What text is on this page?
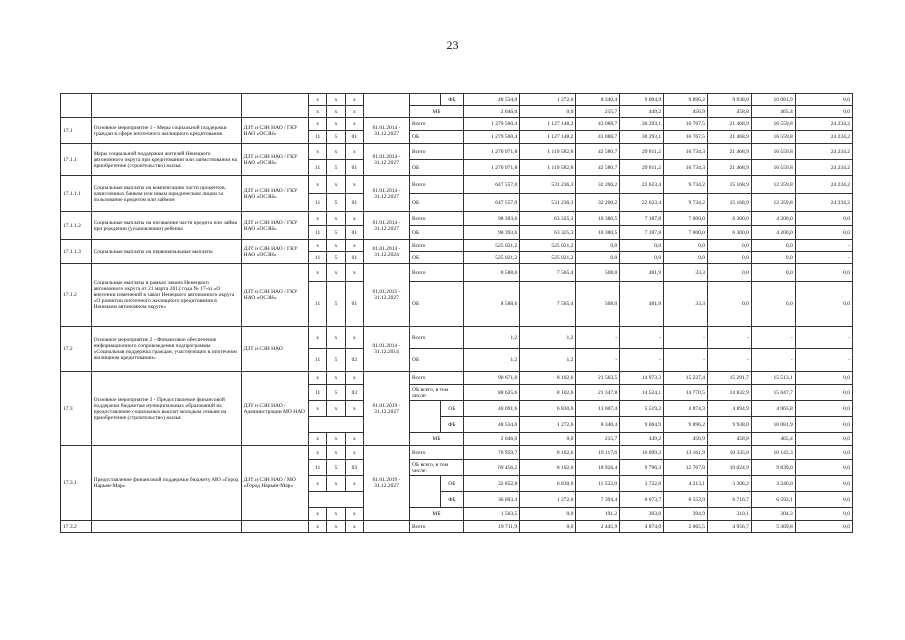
23
			x	x	x			ФБ	48 534,0	1 272,6	8 340,4	9 004,9	9 896,2	9 938,0	10 081,9	0,0
			x	x	x		МБ		2 046,0	0,0	215,7	449,2	456,9	458,8	465,4	0,0
17.1	Основное мероприятие 1 - Меры социальной поддержки граждан в сфере ипотечного жилищного кредитования	ДЗТ и СЗН НАО / ГКУ НАО «ОСЗН»	x	x	x	01.01.2014 - 31.12.2027	Всего		1 279 560,4	1 127 148,2	43 088,7	30 293,1	16 767,5	21 468,9	16 559,8	24 234,2
			11	5	01		ОБ		1 279 560,4	1 127 148,2	43 088,7	30 293,1	16 767,5	21 468,9	16 559,8	24 234,2
17.1.1	Меры социальной поддержки жителей Ненецкого автономного округа при кредитовании или заимствовании на приобретение (строительство) жилья	ДЗТ и СЗН НАО / ГКУ НАО «ОСЗН»	x	x	x	01.01.2014 - 31.12.2027	Всего		1 270 971,8	1 119 582,8	42 580,7	29 811,2	16 734,3	21 468,9	16 559,8	24 234,2
			11	5	01		ОБ		1 270 971,8	1 119 582,8	42 580,7	29 811,2	16 734,3	21 468,9	16 559,8	24 234,2
17.1.1.1	Социальные выплаты на компенсацию части процентов, начисленных банком или иным юридическим лицом за пользование кредитом или займом	ДЗТ и СЗН НАО / ГКУ НАО «ОСЗН»	x	x	x	01.01.2014 - 31.12.2027	Всего		647 557,0	531 236,3	32 200,2	22 623,4	9 734,2	15 168,9	12 359,8	24 234,2
			11	5	01		ОБ		647 557,0	531 236,3	32 200,2	22 623,4	9 734,2	15 168,9	12 359,8	24 234,2
17.1.1.2	Социальные выплаты на погашение части кредита или займа при рождении (усыновлении) ребенка	ДЗТ и СЗН НАО / ГКУ НАО «ОСЗН»	x	x	x	01.01.2014 - 31.12.2027	Всего		98 393,6	63 325,3	10 380,5	7 187,8	7 000,0	6 300,0	4 200,0	0,0
			11	5	01		ОБ		98 393,6	63 325,3	10 380,5	7 187,8	7 000,0	6 300,0	4 200,0	0,0
17.1.1.3	Социальные выплаты на первоначальные выплаты	ДЗТ и СЗН НАО / ГКУ НАО «ОСЗН»	x	x	x	01.01.2014 - 31.12.2024	Всего		525 021,2	525 021,2	0,0	0,0	0,0	0,0	0,0	-
			11	5	01		ОБ		525 021,2	525 021,2	0,0	0,0	0,0	0,0	0,0	-
17.1.2	Социальные выплаты в рамках закона Ненецкого автономного округа от 21 марта 2012 года № 17-оз «О внесении изменений в закон Ненецкого автономного округа «О развитии ипотечного жилищного кредитования в Ненецком автономном округе»	ДЗТ и СЗН НАО / ГКУ НАО «ОСЗН»	x	x	x	01.01.2015 - 31.12.2027	Всего		8 588,6	7 565,4	508,0	481,9	33,3	0,0	0,0	0,0
			11	5	01		ОБ		8 588,6	7 565,4	508,0	481,9	33,3	0,0	0,0	0,0
17.2	Основное мероприятие 2 - Финансовое обеспечение информационного сопровождения подпрограммы «Социальная поддержка граждан, участвующих в ипотечном жилищном кредитовании»	ДЗТ и СЗН НАО	x	x	x	01.01.2014 - 31.12.2014	Всего		1,2	1,2	-	-	-	-	-	-
			11	5	02		ОБ		1,2	1,2	-	-	-	-	-	-
17.3	Основное мероприятие 3 - Предоставление финансовой поддержки бюджетам муниципальных образований на предоставление социальных выплат молодым семьям на приобретение (строительство) жилья	ДЗТ и СЗН НАО / Администрации МО НАО	x	x	x	01.01.2019 - 31.12.2027	Всего		90 671,6	8 102,6	21 563,5	14 973,3	15 227,4	15 291,7	15 513,1	0,0
			11	5	03		ОБ всего, в том числе:		88 625,6	8 102,6	21 347,8	14 524,1	14 770,5	14 832,9	15 047,7	0,0
			x	x	x			ОБ	40 091,6	6 830,0	13 007,4	5 519,2	4 874,3	4 894,9	4 965,8	0,0
								ФБ	48 534,0	1 272,6	8 340,4	9 004,9	9 896,2	9 938,0	10 081,9	0,0
			x	x	x		МБ		2 046,0	0,0	215,7	449,2	456,9	458,8	465,4	0,0
17.3.1	Предоставление финансовой поддержки бюджету МО «Город Нарьян-Мар»	ДЗТ и СЗН НАО / МО «Город Нарьян-Мар»	x	x	x	01.01.2019 - 31.12.2027	Всего		70 959,7	8 102,6	19 117,6	10 099,3	13 161,9	10 335,0	10 143,3	0,0
			11	5	03		ОБ всего, в том числе:		69 456,2	8 102,6	18 926,4	9 796,3	12 767,0	10 024,9	9 839,0	0,0
			x	x	x			ОБ	32 852,8	6 830,0	11 532,0	3 722,6	4 213,1	3 308,2	3 246,0	0,0
								ФБ	36 603,4	1 272,6	7 394,4	6 073,7	8 553,9	6 716,7	6 592,1	0,0
			x	x	x		МБ		1 503,5	0,0	191,2	303,0	394,9	310,1	304,3	0,0
17.3.2			x	x	x		Всего		19 711,9	0,0	2 445,9	4 874,0	2 065,5	4 956,7	5 369,8	0,0
